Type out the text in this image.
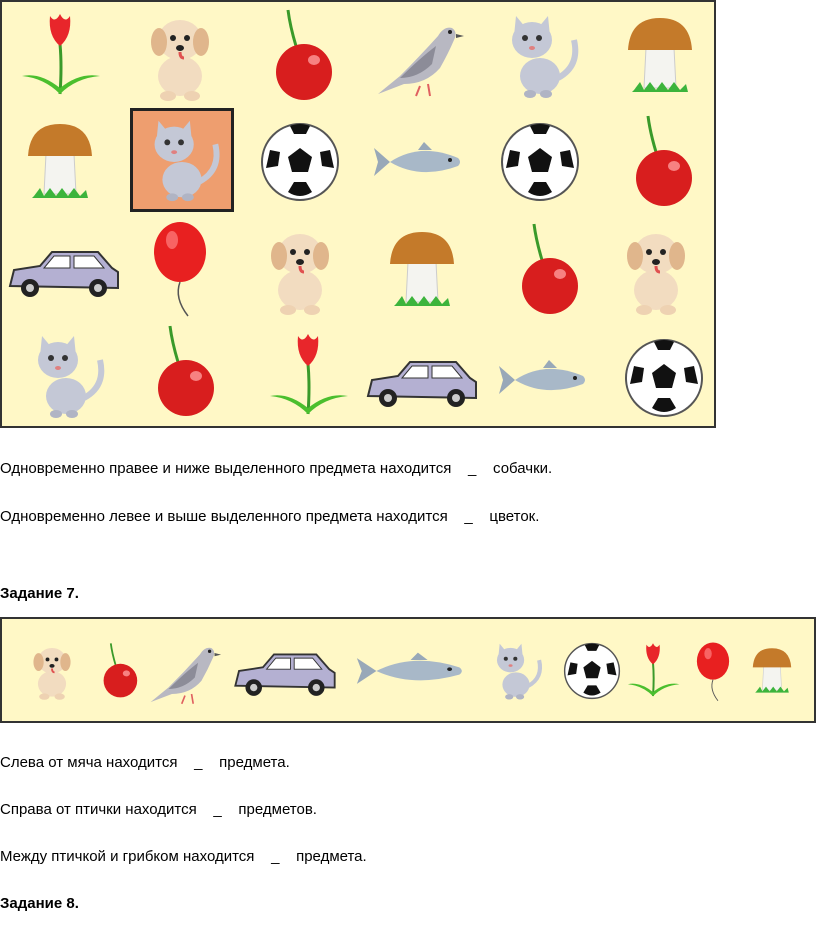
Одновременно правее и ниже выделенного предмета находится    _    собачки.
Одновременно левее и выше выделенного предмета находится    _    цветок.
Задание 7.
Слева от мяча находится    _    предмета.
Справа от птички находится    _    предметов.
Между птичкой и грибком находится    _    предмета.
Задание 8.
